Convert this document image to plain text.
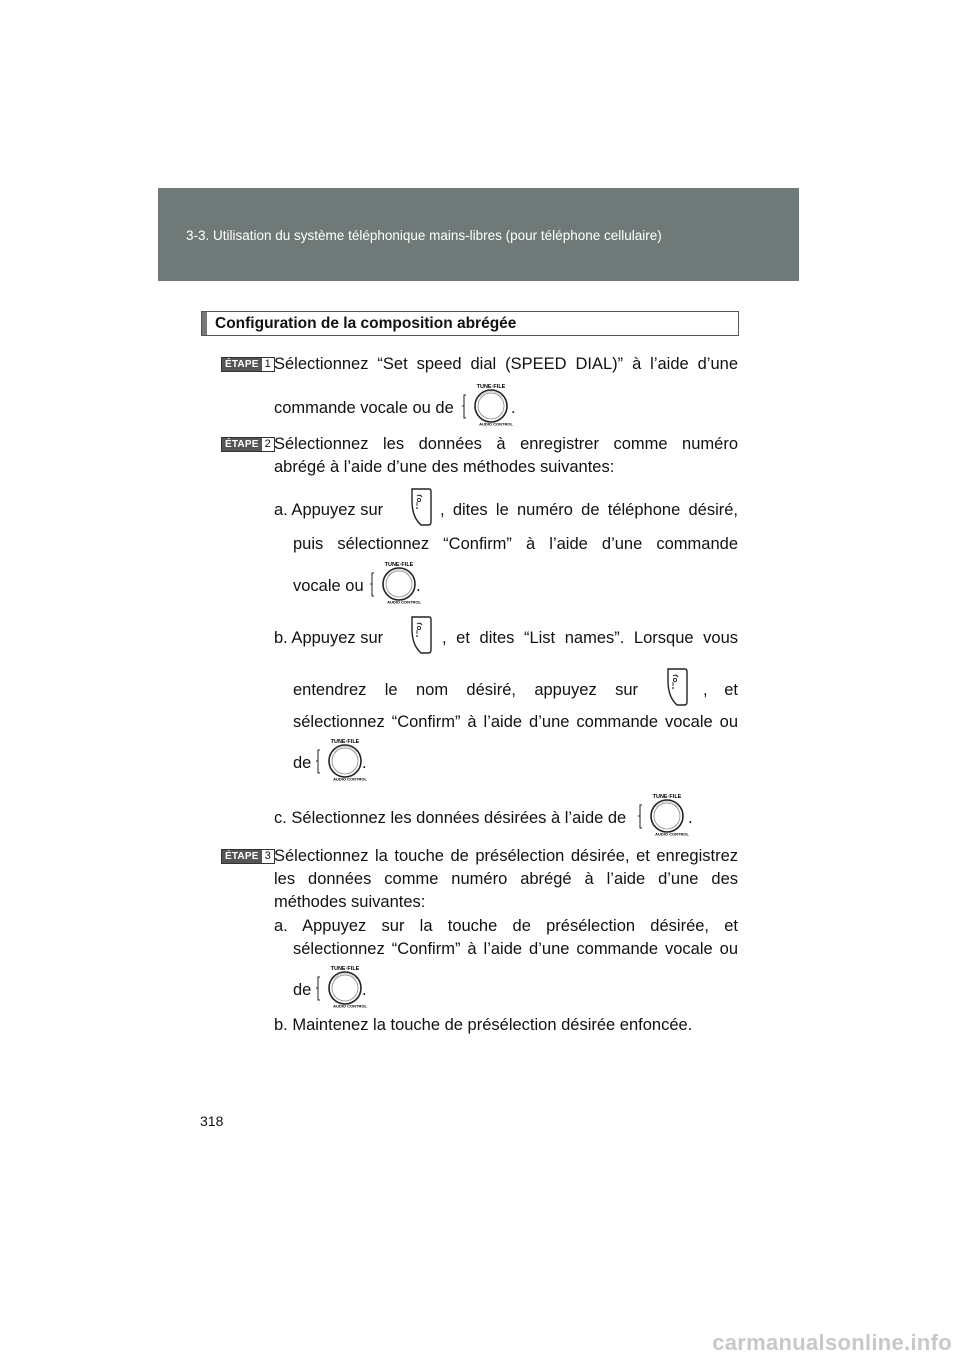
3-3. Utilisation du système téléphonique mains-libres (pour téléphone cellulaire)
Configuration de la composition abrégée
ÉTAPE 1 Sélectionnez “Set speed dial (SPEED DIAL)” à l’aide d’une
commande vocale ou de
TUNE·FILE
AUDIO CONTROL
.
ÉTAPE 2 Sélectionnez les données à enregistrer comme numéro
abrégé à l’aide d’une des méthodes suivantes:
a. Appuyez sur	, dites le numéro de téléphone désiré,
puis sélectionnez “Confirm” à l’aide d’une commande
vocale ou
TUNE·FILE
AUDIO CONTROL
.
b. Appuyez sur	, et dites “List names”. Lorsque vous
entendrez le nom désiré, appuyez sur	, et
sélectionnez “Confirm” à l’aide d’une commande vocale ou
de
TUNE·FILE
AUDIO CONTROL
.
c. Sélectionnez les données désirées à l’aide de
TUNE·FILE
AUDIO CONTROL
.
ÉTAPE 3 Sélectionnez la touche de présélection désirée, et enregistrez
les données comme numéro abrégé à l’aide d’une des
méthodes suivantes:
a. Appuyez sur la touche de présélection désirée, et
sélectionnez “Confirm” à l’aide d’une commande vocale ou
de
TUNE·FILE
AUDIO CONTROL
.
b. Maintenez la touche de présélection désirée enfoncée.
318
carmanualsonline.info
